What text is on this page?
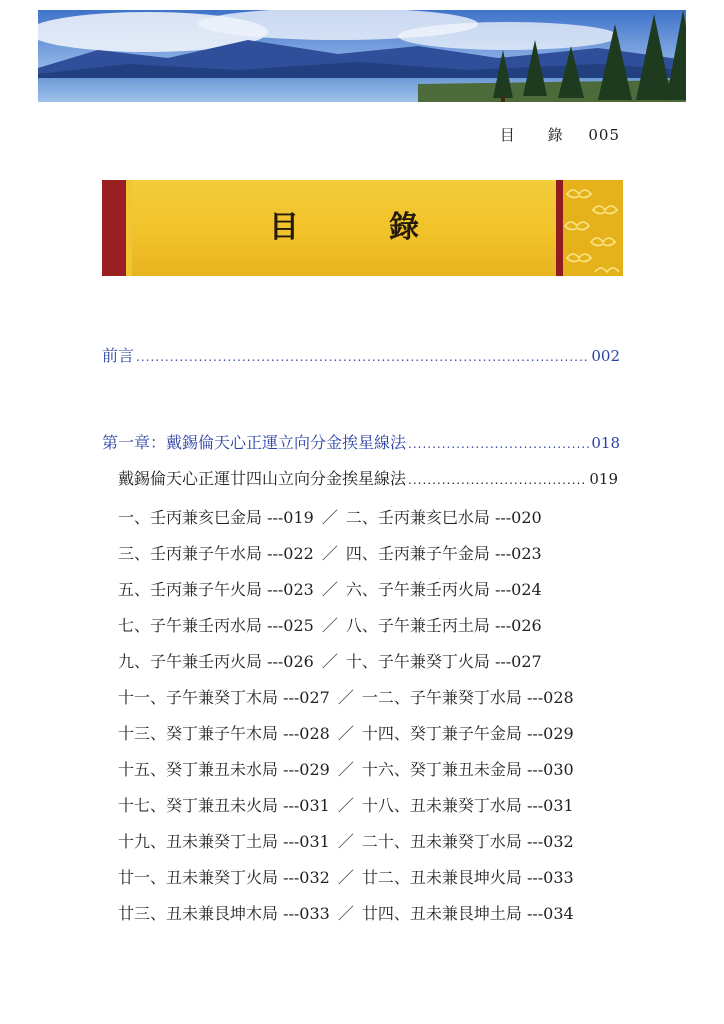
目 錄 005
目　錄
前言 .....	002
第一章：戴錫倫天心正運立向分金挨星線法 .....	018
戴錫倫天心正運廿四山立向分金挨星線法 .....	019
一、壬丙兼亥巳金局 ---019 ／ 二、壬丙兼亥巳水局 ---020
三、壬丙兼子午水局 ---022 ／ 四、壬丙兼子午金局 ---023
五、壬丙兼子午火局 ---023 ／ 六、子午兼壬丙火局 ---024
七、子午兼壬丙水局 ---025 ／ 八、子午兼壬丙土局 ---026
九、子午兼壬丙火局 ---026 ／ 十、子午兼癸丁火局 ---027
十一、子午兼癸丁木局 ---027 ／ 一二、子午兼癸丁水局 ---028
十三、癸丁兼子午木局 ---028 ／ 十四、癸丁兼子午金局 ---029
十五、癸丁兼丑未水局 ---029 ／ 十六、癸丁兼丑未金局 ---030
十七、癸丁兼丑未火局 ---031 ／ 十八、丑未兼癸丁水局 ---031
十九、丑未兼癸丁土局 ---031 ／ 二十、丑未兼癸丁水局 ---032
廿一、丑未兼癸丁火局 ---032 ／ 廿二、丑未兼艮坤火局 ---033
廿三、丑未兼艮坤木局 ---033 ／ 廿四、丑未兼艮坤土局 ---034
